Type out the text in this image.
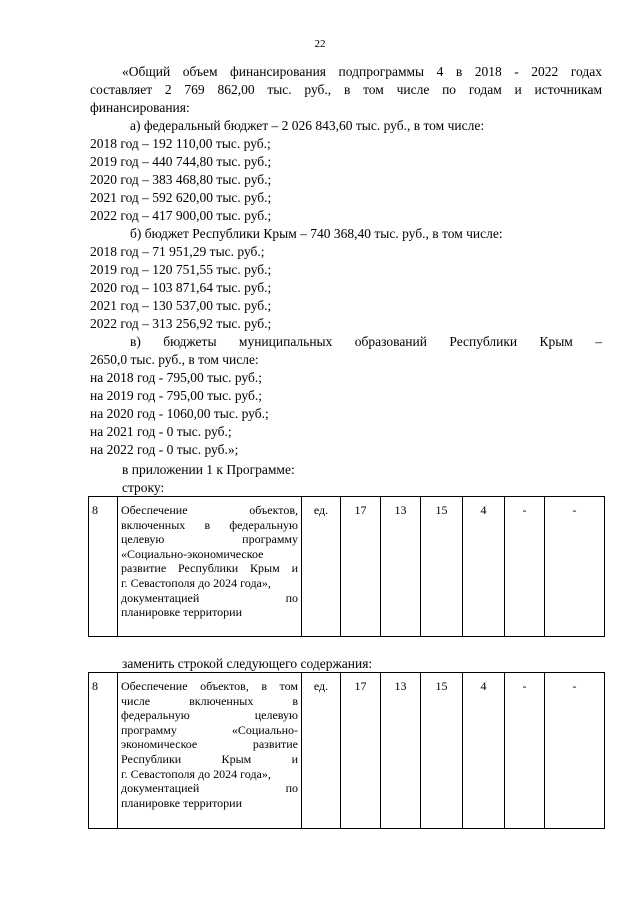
22
«Общий объем финансирования подпрограммы 4 в 2018 - 2022 годах
составляет 2 769 862,00 тыс. руб., в том числе по годам и источникам
финансирования:
а) федеральный бюджет – 2 026 843,60 тыс. руб., в том числе:
2018 год – 192 110,00 тыс. руб.;
2019 год – 440 744,80 тыс. руб.;
2020 год – 383 468,80 тыс. руб.;
2021 год – 592 620,00 тыс. руб.;
2022 год – 417 900,00 тыс. руб.;
б) бюджет Республики Крым – 740 368,40 тыс. руб., в том числе:
2018 год – 71 951,29 тыс. руб.;
2019 год – 120 751,55 тыс. руб.;
2020 год – 103 871,64 тыс. руб.;
2021 год – 130 537,00 тыс. руб.;
2022 год – 313 256,92 тыс. руб.;
в) бюджеты муниципальных образований Республики Крым –
2650,0 тыс. руб., в том числе:
на 2018 год - 795,00 тыс. руб.;
на 2019 год - 795,00 тыс. руб.;
на 2020 год - 1060,00 тыс. руб.;
на 2021 год - 0 тыс. руб.;
на 2022 год - 0 тыс. руб.»;
в приложении 1 к Программе:
строку:
8	Обеспечение объектов,
включенных в федеральную
целевую программу
«Социально-экономическое
развитие Республики Крым и
г. Севастополя до 2024 года»,
документацией по
планировке территории
	ед.	17	13	15	4	-	-
заменить строкой следующего содержания:
8	Обеспечение объектов, в том
числе включенных в
федеральную целевую
программу «Социально-
экономическое развитие
Республики Крым и
г. Севастополя до 2024 года»,
документацией по
планировке территории
	ед.	17	13	15	4	-	-
